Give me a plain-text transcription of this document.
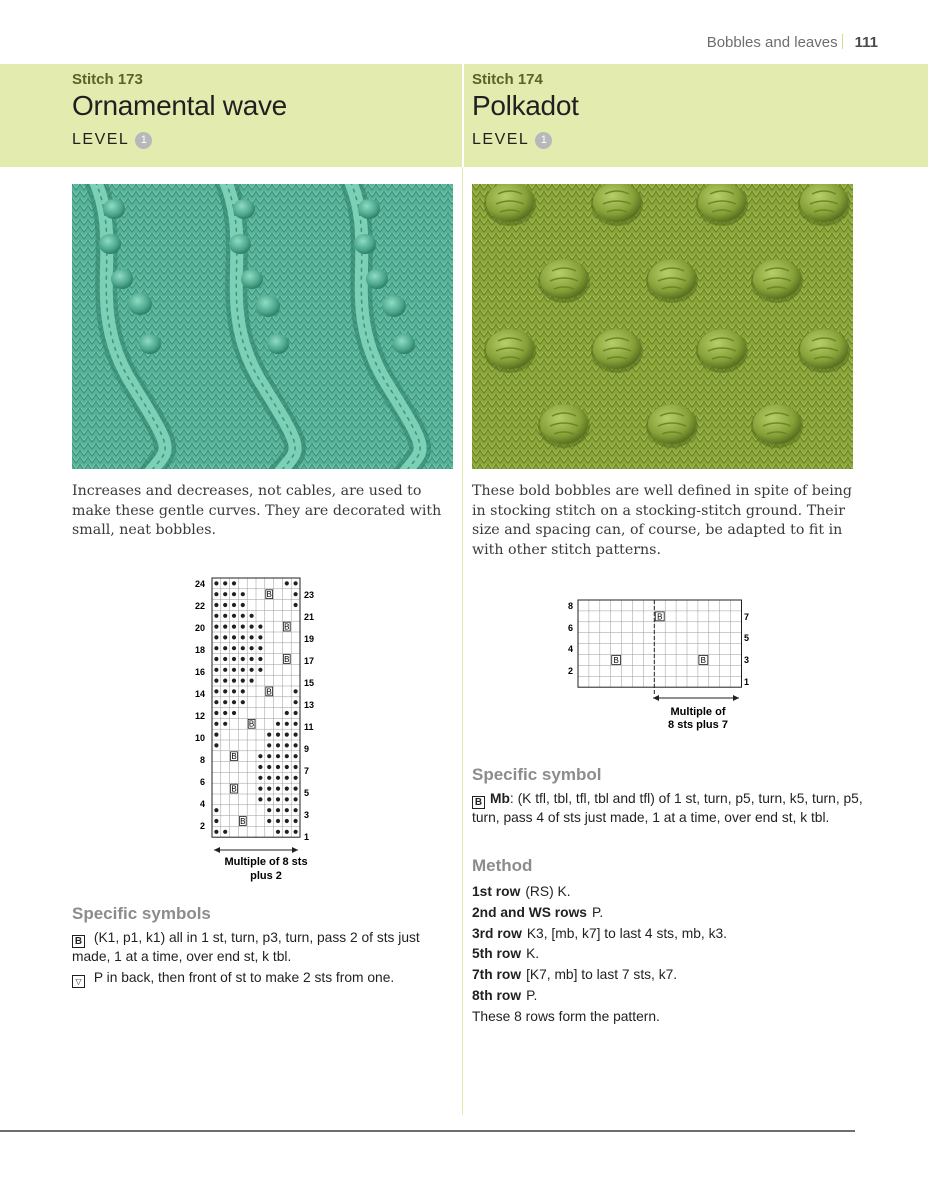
Bobbles and leaves 111
Stitch 173
Ornamental wave
LEVEL	1
Stitch 174
Polkadot
LEVEL	1
Increases and decreases, not cables, are used to make these gentle curves. They are decorated with small, neat bobbles.
These bold bobbles are well defined in spite of being in stocking stitch on a stocking-stitch ground. Their size and spacing can, of course, be adapted to fit in with other stitch patterns.
B
B
B
B
B
B
B
B
24
22
20
18
16
14
12
10
8
6
4
2
23
21
19
17
15
13
11
9
7
5
3
1
Multiple of 8 sts
plus 2
B
B	B
8
6
4
2
7
5
3
1
Multiple of
8 sts plus 7
Specific symbols
B (K1, p1, k1) all in 1 st, turn, p3, turn, pass 2 of sts just made, 1 at a time, over end st, k tbl.
▽ P in back, then front of st to make 2 sts from one.
Specific symbol
B Mb: (K tfl, tbl, tfl, tbl and tfl) of 1 st, turn, p5, turn, k5, turn, p5, turn, pass 4 of sts just made, 1 at a time, over end st, k tbl.
Method
1st row (RS) K.
2nd and WS rows P.
3rd row K3, [mb, k7] to last 4 sts, mb, k3.
5th row K.
7th row [K7, mb] to last 7 sts, k7.
8th row P.
These 8 rows form the pattern.
